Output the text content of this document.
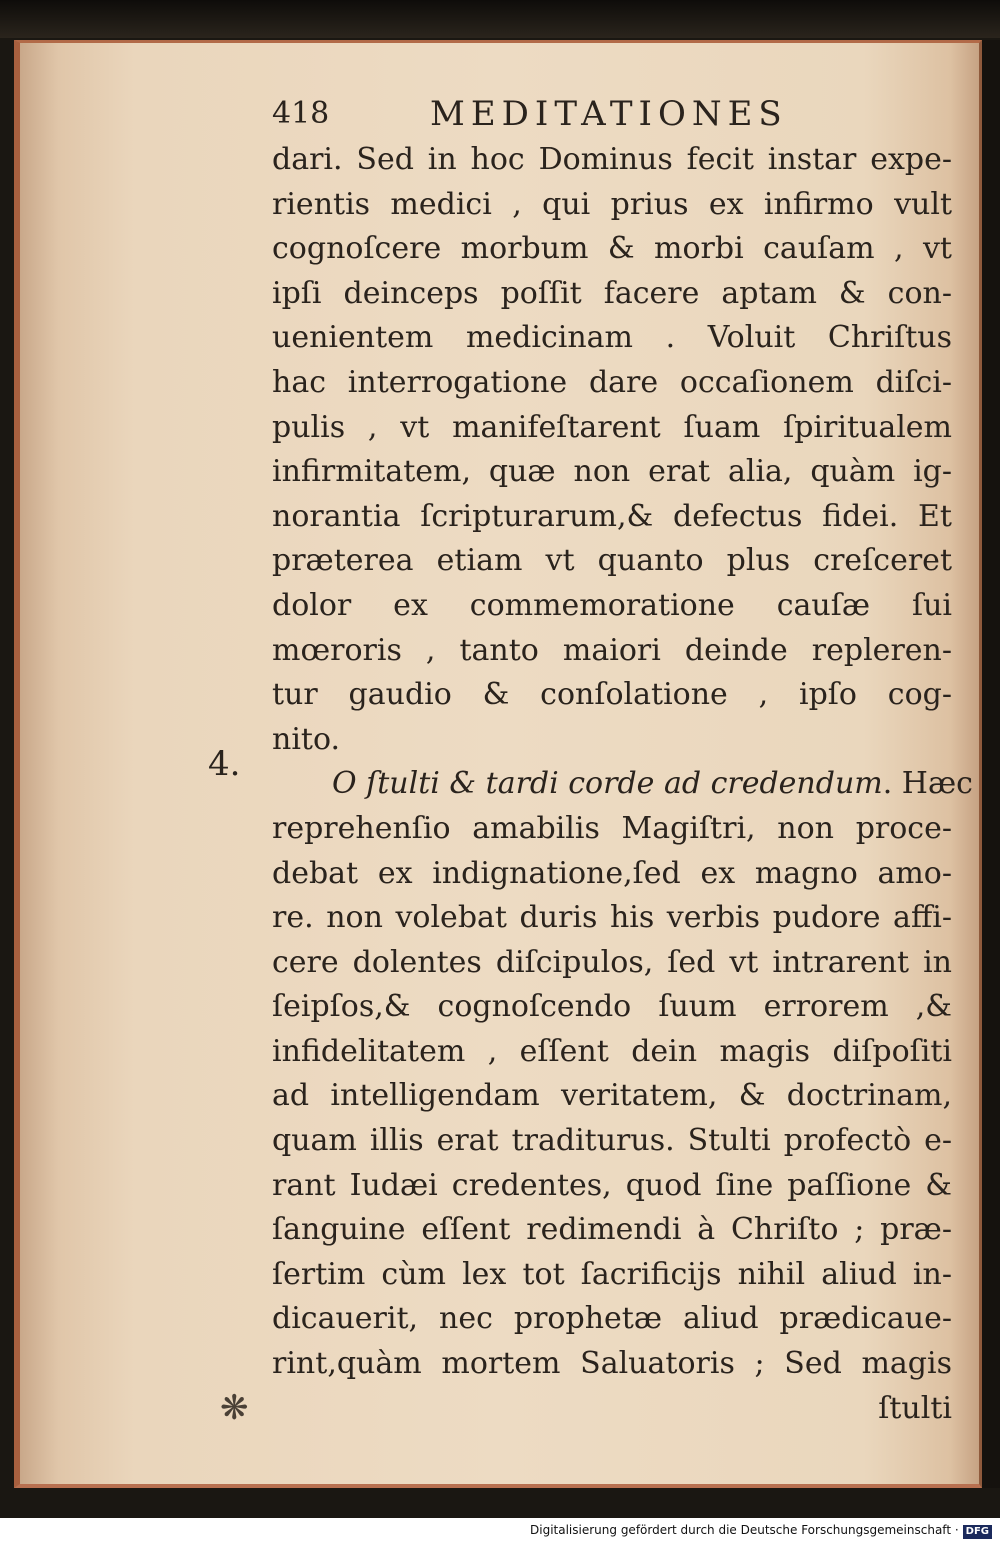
418	MEDITATIONES
4.
dari. Sed in hoc Dominus fecit instar expe-
rientis medici , qui prius ex infirmo vult
cognoſcere morbum & morbi cauſam , vt
ipſi deinceps poſſit facere aptam & con-
uenientem medicinam . Voluit Chriſtus
hac interrogatione dare occaſionem diſci-
pulis , vt manifeſtarent ſuam ſpiritualem
infirmitatem, quæ non erat alia, quàm ig-
norantia ſcripturarum,& defectus fidei. Et
præterea etiam vt quanto plus creſceret
dolor ex commemoratione cauſæ ſui
mœroris , tanto maiori deinde repleren-
tur gaudio & conſolatione , ipſo cog-
nito.
O ſtulti & tardi corde ad credendum. Hæc
reprehenſio amabilis Magiſtri, non proce-
debat ex indignatione,ſed ex magno amo-
re. non volebat duris his verbis pudore affi-
cere dolentes diſcipulos, ſed vt intrarent in
ſeipſos,& cognoſcendo ſuum errorem ,&
infidelitatem , eſſent dein magis diſpoſiti
ad intelligendam veritatem, & doctrinam,
quam illis erat traditurus. Stulti profectò e-
rant Iudæi credentes, quod ſine paſſione &
ſanguine eſſent redimendi à Chriſto ; præ-
ſertim cùm lex tot ſacrificijs nihil aliud in-
dicauerit, nec prophetæ aliud prædicaue-
rint,quàm mortem Saluatoris ; Sed magis
ſtulti
❋
Digitalisierung gefördert durch die Deutsche Forschungsgemeinschaft · DFG
